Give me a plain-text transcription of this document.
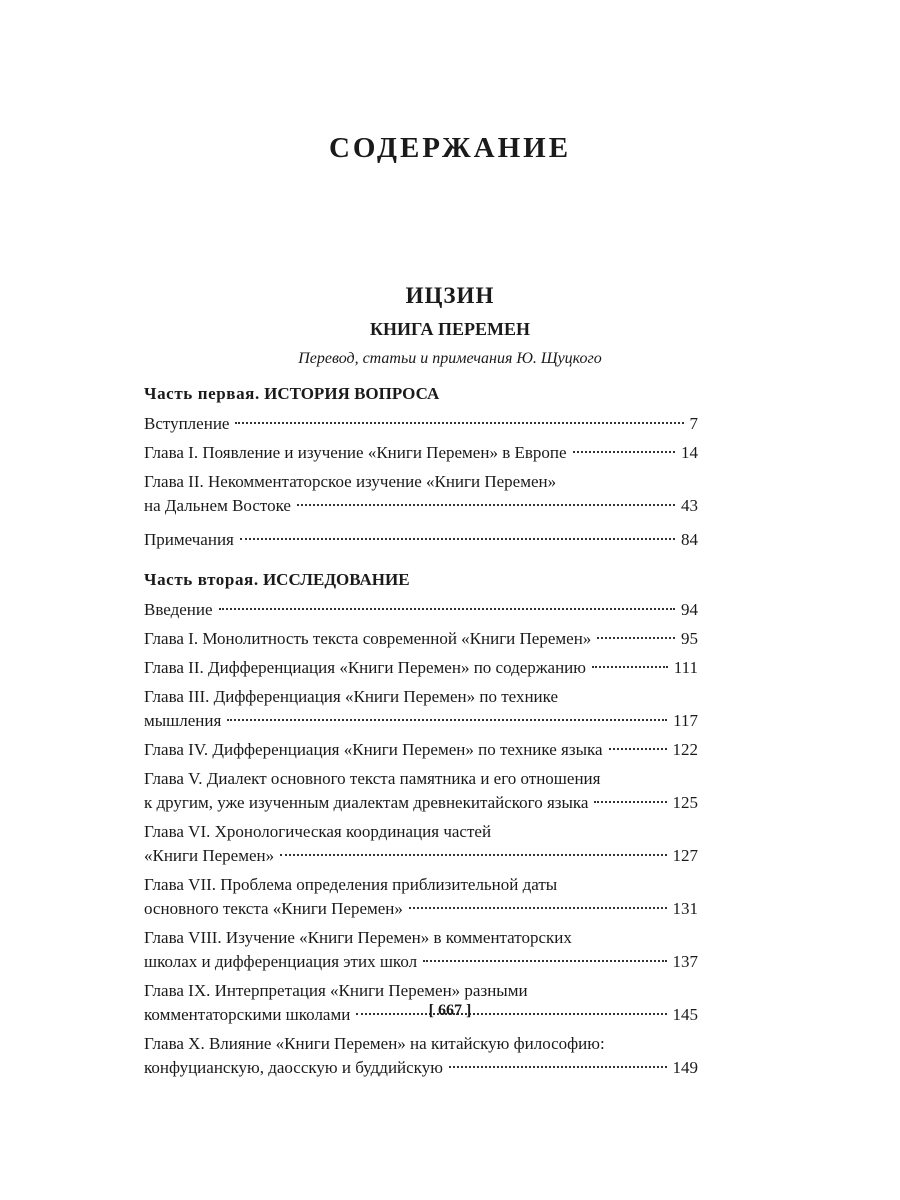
СОДЕРЖАНИЕ
ИЦЗИН
КНИГА ПЕРЕМЕН
Перевод, статьи и примечания Ю. Щуцкого
Часть первая. ИСТОРИЯ ВОПРОСА
Вступление	7
Глава I. Появление и изучение «Книги Перемен» в Европе	14
Глава II. Некомментаторское изучение «Книги Перемен»
на Дальнем Востоке	43
Примечания	84
Часть вторая. ИССЛЕДОВАНИЕ
Введение	94
Глава I. Монолитность текста современной «Книги Перемен»	95
Глава II. Дифференциация «Книги Перемен» по содержанию	111
Глава III. Дифференциация «Книги Перемен» по технике
мышления	117
Глава IV. Дифференциация «Книги Перемен» по технике языка	122
Глава V. Диалект основного текста памятника и его отношения
к другим, уже изученным диалектам древнекитайского языка	125
Глава VI. Хронологическая координация частей
«Книги Перемен»	127
Глава VII. Проблема определения приблизительной даты
основного текста «Книги Перемен»	131
Глава VIII. Изучение «Книги Перемен» в комментаторских
школах и дифференциация этих школ	137
Глава IX. Интерпретация «Книги Перемен» разными
комментаторскими школами	145
Глава X. Влияние «Книги Перемен» на китайскую философию:
конфуцианскую, даосскую и буддийскую	149
[ 667 ]
